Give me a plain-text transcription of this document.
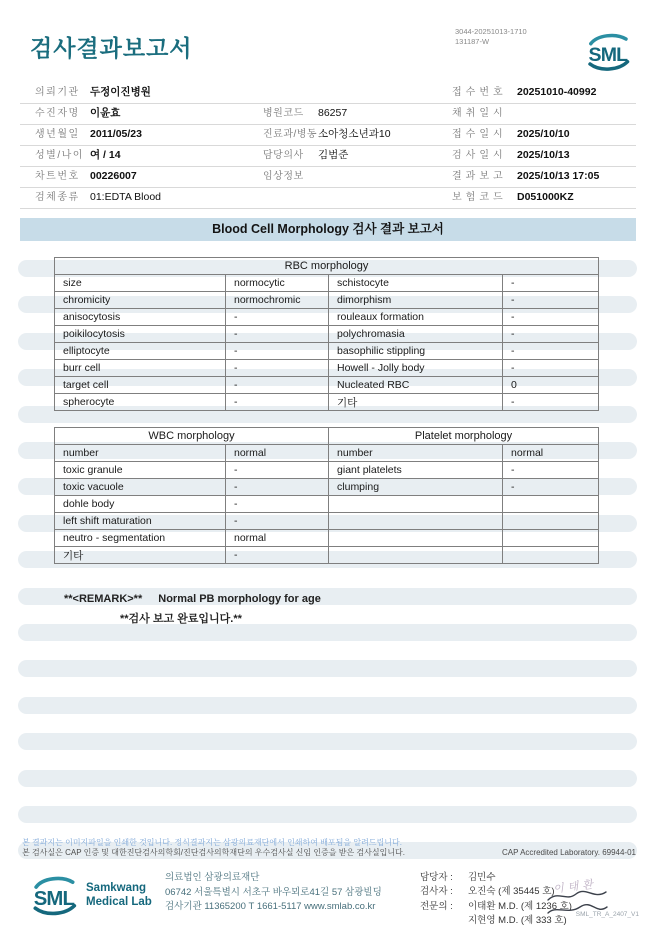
검사결과보고서
3044-20251013-1710
131187-W
SML
의뢰기관 두정이진병원	접수번호 20251010-40992
수진자명 이윤효	병원코드 86257	채취일시
생년월일 2011/05/23	진료과/병동 소아청소년과10	접수일시 2025/10/10
성별/나이 여 / 14	담당의사 김범준	검사일시 2025/10/13
차트번호 00226007	임상정보	결과보고 2025/10/13 17:05
검체종류 01:EDTA Blood	보험코드 D051000KZ
Blood Cell Morphology 검사 결과 보고서
RBC morphology			
size	normocytic	schistocyte	-
chromicity	normochromic	dimorphism	-
anisocytosis	-	rouleaux formation	-
poikilocytosis	-	polychromasia	-
elliptocyte	-	basophilic stippling	-
burr cell	-	Howell - Jolly body	-
target cell	-	Nucleated RBC	0
spherocyte	-	기타	-
WBC morphology		Platelet morphology	
number	normal	number	normal
toxic granule	-	giant platelets	-
toxic vacuole	-	clumping	-
dohle body	-		
left shift maturation	-		
neutro - segmentation	normal		
기타	-		
**<REMARK>** Normal PB morphology for age
**검사 보고 완료입니다.**
본 결과지는 이미지파일을 인쇄한 것입니다. 정식결과지는 삼광의료재단에서 인쇄하여 배포됨을 알려드립니다.
본 검사실은 CAP 인증 및 대한진단검사의학회/진단검사의학재단의 우수검사실 신임 인증을 받은 검사실입니다.	CAP Accredited Laboratory. 69944-01
SML Samkwang
Medical Lab
의료법인 삼광의료재단
06742 서울특별시 서초구 바우뫼로41길 57 삼광빌딩
검사기관 11365200 T 1661-5117 www.smlab.co.kr
담당자 : 김민수
검사자 : 오진숙 (제 35445 호)
전문의 : 이태환 M.D. (제 1236 호)
지현영 M.D. (제 333 호)
이태환
SML_TR_A_2407_V1
